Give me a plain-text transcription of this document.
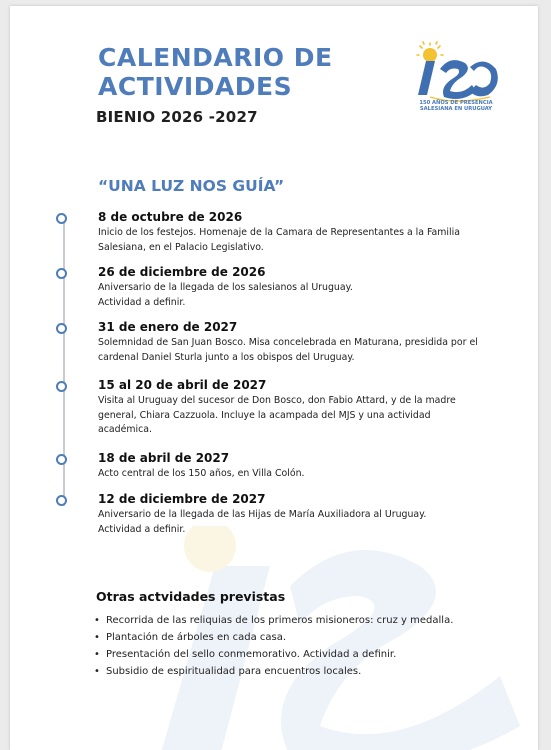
CALENDARIO DE
ACTIVIDADES
BIENIO 2026 -2027
150 AÑOS DE PRESENCIA
SALESIANA EN URUGUAY
“UNA LUZ NOS GUÍA”
8 de octubre de 2026
Inicio de los festejos. Homenaje de la Camara de Representantes a la Familia
Salesiana, en el Palacio Legislativo.
26 de diciembre de 2026
Aniversario de la llegada de los salesianos al Uruguay.
Actividad a definir.
31 de enero de 2027
Solemnidad de San Juan Bosco. Misa concelebrada en Maturana, presidida por el
cardenal Daniel Sturla junto a los obispos del Uruguay.
15 al 20 de abril de 2027
Visita al Uruguay del sucesor de Don Bosco, don Fabio Attard, y de la madre
general, Chiara Cazzuola. Incluye la acampada del MJS y una actividad
académica.
18 de abril de 2027
Acto central de los 150 años, en Villa Colón.
12 de diciembre de 2027
Aniversario de la llegada de las Hijas de María Auxiliadora al Uruguay.
Actividad a definir.
Otras actvidades previstas
• Recorrida de las reliquias de los primeros misioneros: cruz y medalla.
• Plantación de árboles en cada casa.
• Presentación del sello conmemorativo. Actividad a definir.
• Subsidio de espiritualidad para encuentros locales.
